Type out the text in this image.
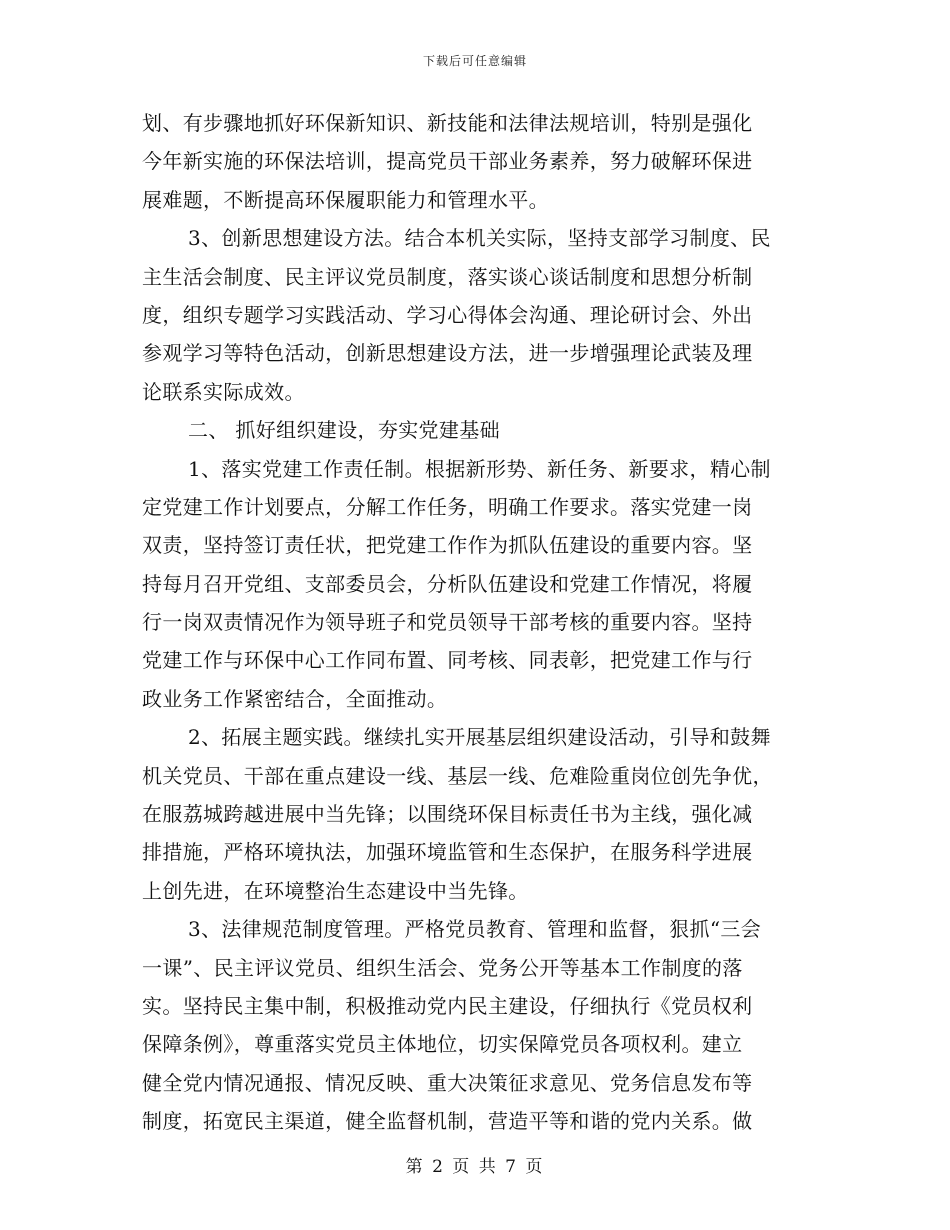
下载后可任意编辑
划、有步骤地抓好环保新知识、新技能和法律法规培训，特别是强化
今年新实施的环保法培训，提高党员干部业务素养，努力破解环保进
展难题，不断提高环保履职能力和管理水平。
3、创新思想建设方法。结合本机关实际，坚持支部学习制度、民
主生活会制度、民主评议党员制度，落实谈心谈话制度和思想分析制
度，组织专题学习实践活动、学习心得体会沟通、理论研讨会、外出
参观学习等特色活动，创新思想建设方法，进一步增强理论武装及理
论联系实际成效。
二、 抓好组织建设，夯实党建基础
1、落实党建工作责任制。根据新形势、新任务、新要求，精心制
定党建工作计划要点，分解工作任务，明确工作要求。落实党建一岗
双责，坚持签订责任状，把党建工作作为抓队伍建设的重要内容。坚
持每月召开党组、支部委员会，分析队伍建设和党建工作情况，将履
行一岗双责情况作为领导班子和党员领导干部考核的重要内容。坚持
党建工作与环保中心工作同布置、同考核、同表彰，把党建工作与行
政业务工作紧密结合，全面推动。
2、拓展主题实践。继续扎实开展基层组织建设活动，引导和鼓舞
机关党员、干部在重点建设一线、基层一线、危难险重岗位创先争优，
在服荔城跨越进展中当先锋；以围绕环保目标责任书为主线，强化减
排措施，严格环境执法，加强环境监管和生态保护，在服务科学进展
上创先进，在环境整治生态建设中当先锋。
3、法律规范制度管理。严格党员教育、管理和监督，狠抓“三会
一课”、民主评议党员、组织生活会、党务公开等基本工作制度的落
实。坚持民主集中制，积极推动党内民主建设，仔细执行《党员权利
保障条例》，尊重落实党员主体地位，切实保障党员各项权利。建立
健全党内情况通报、情况反映、重大决策征求意见、党务信息发布等
制度，拓宽民主渠道，健全监督机制，营造平等和谐的党内关系。做
第 2 页 共 7 页
